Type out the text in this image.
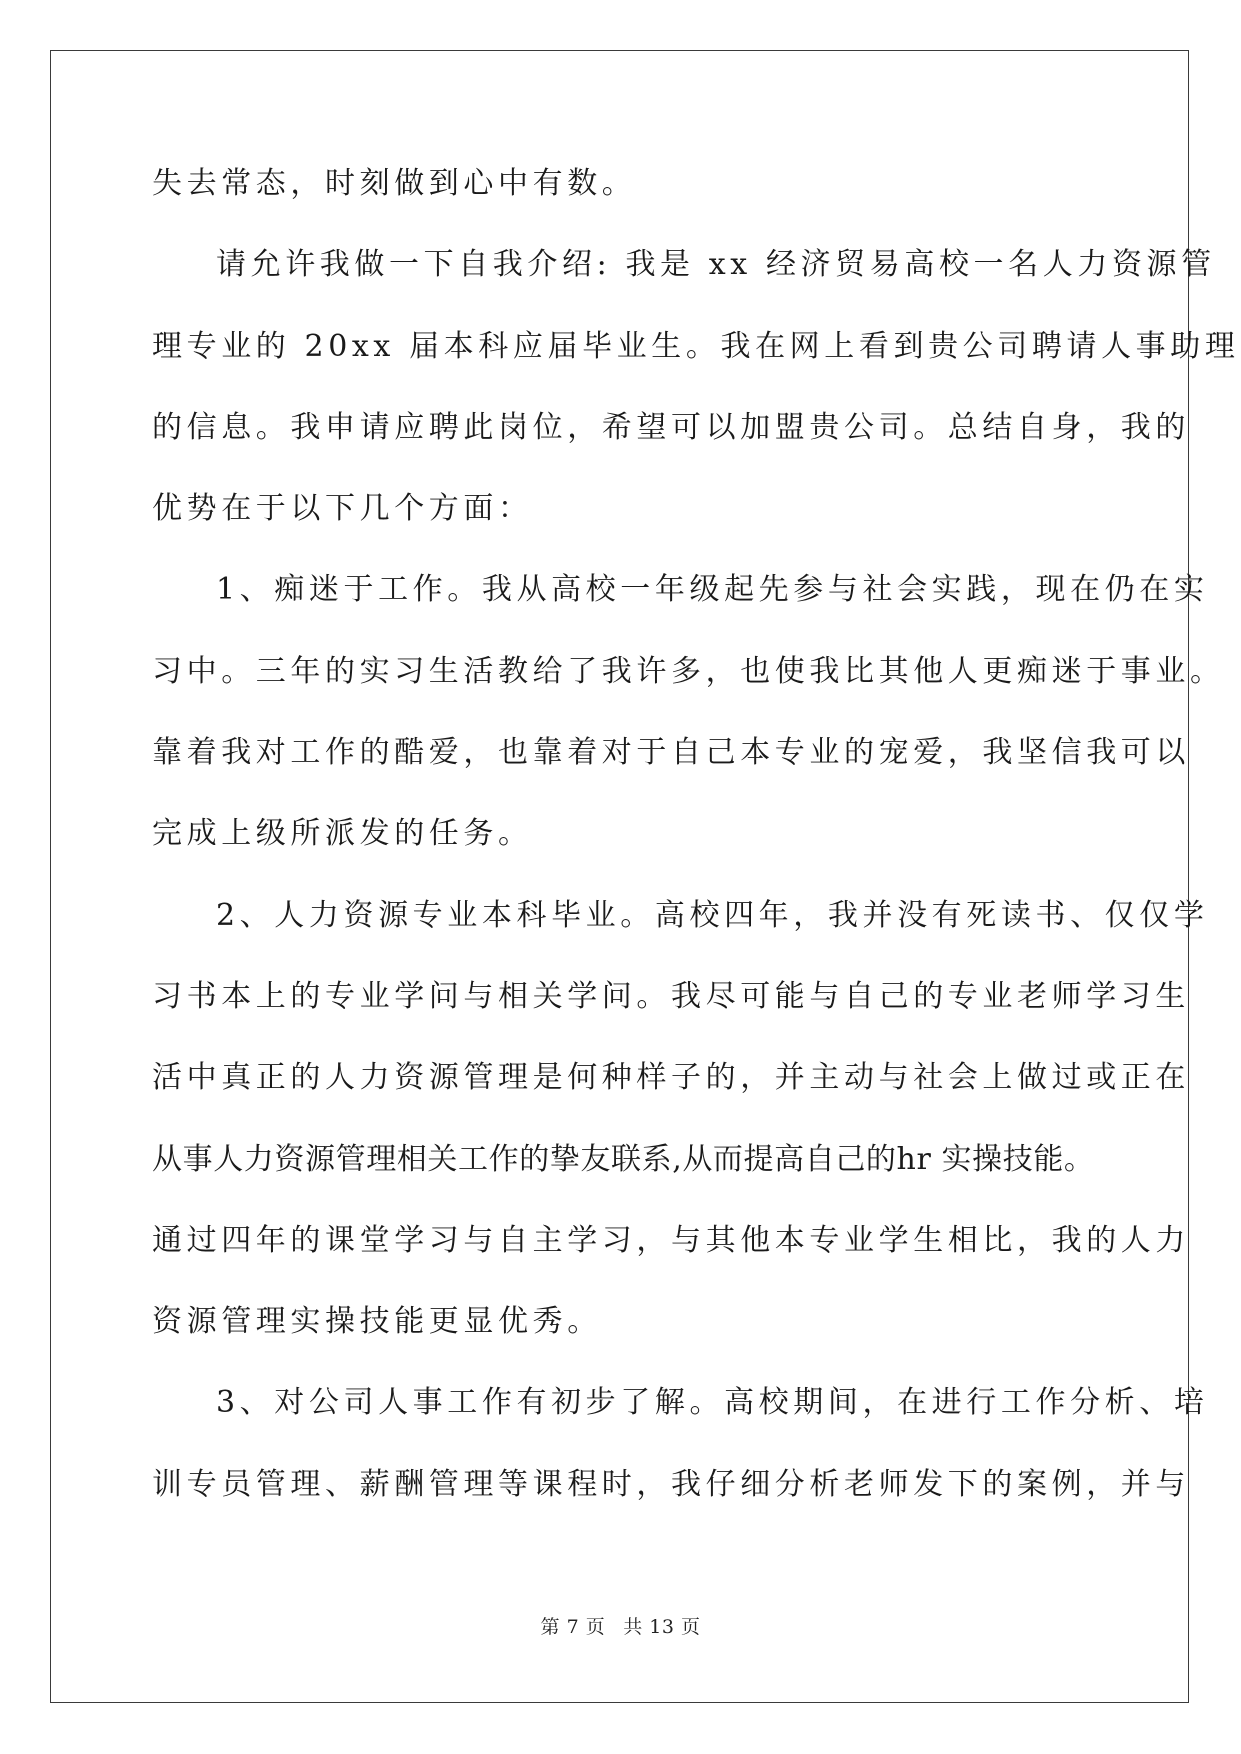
失去常态，时刻做到心中有数。
请允许我做一下自我介绍: 我是 xx 经济贸易高校一名人力资源管
理专业的 20xx 届本科应届毕业生。我在网上看到贵公司聘请人事助理
的信息。我申请应聘此岗位，希望可以加盟贵公司。总结自身，我的
优势在于以下几个方面：
1、痴迷于工作。我从高校一年级起先参与社会实践，现在仍在实
习中。三年的实习生活教给了我许多，也使我比其他人更痴迷于事业。
靠着我对工作的酷爱，也靠着对于自己本专业的宠爱，我坚信我可以
完成上级所派发的任务。
2、人力资源专业本科毕业。高校四年，我并没有死读书、仅仅学
习书本上的专业学问与相关学问。我尽可能与自己的专业老师学习生
活中真正的人力资源管理是何种样子的，并主动与社会上做过或正在
从事人力资源管理相关工作的挚友联系,从而提高自己的hr 实操技能。
通过四年的课堂学习与自主学习，与其他本专业学生相比，我的人力
资源管理实操技能更显优秀。
3、对公司人事工作有初步了解。高校期间，在进行工作分析、培
训专员管理、薪酬管理等课程时，我仔细分析老师发下的案例，并与
第 7 页 共 13 页
